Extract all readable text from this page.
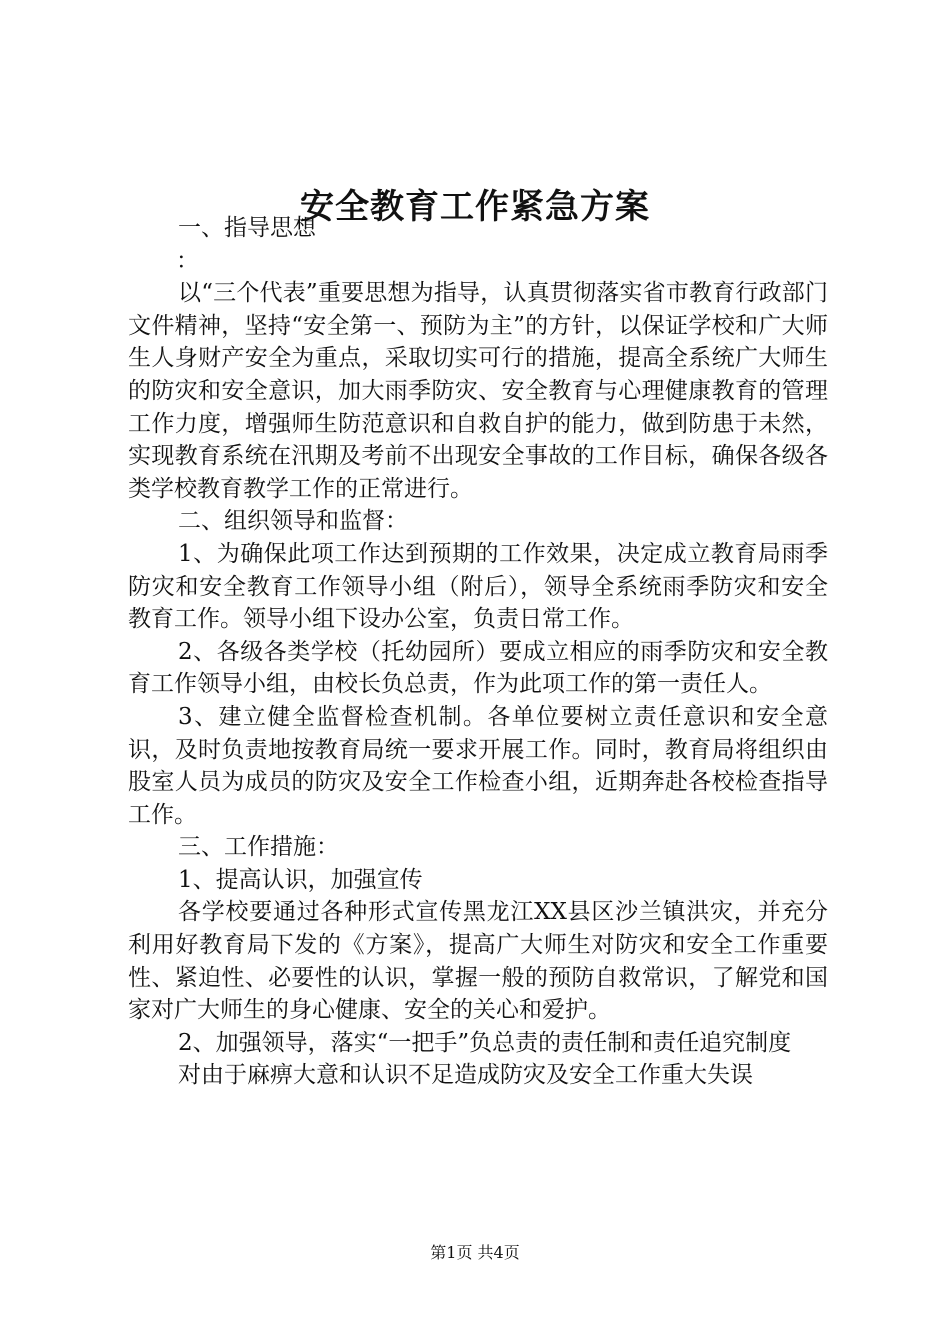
安全教育工作紧急方案

一、指导思想

：

以“三个代表”重要思想为指导，认真贯彻落实省市教育行政部门文件精神，坚持“安全第一、预防为主”的方针，以保证学校和广大师生人身财产安全为重点，采取切实可行的措施，提高全系统广大师生的防灾和安全意识，加大雨季防灾、安全教育与心理健康教育的管理工作力度，增强师生防范意识和自救自护的能力，做到防患于未然，实现教育系统在汛期及考前不出现安全事故的工作目标，确保各级各类学校教育教学工作的正常进行。

二、组织领导和监督：

1、为确保此项工作达到预期的工作效果，决定成立教育局雨季防灾和安全教育工作领导小组（附后），领导全系统雨季防灾和安全教育工作。领导小组下设办公室，负责日常工作。

2、各级各类学校（托幼园所）要成立相应的雨季防灾和安全教育工作领导小组，由校长负总责，作为此项工作的第一责任人。

3、建立健全监督检查机制。各单位要树立责任意识和安全意识，及时负责地按教育局统一要求开展工作。同时，教育局将组织由股室人员为成员的防灾及安全工作检查小组，近期奔赴各校检查指导工作。

三、工作措施：

1、提高认识，加强宣传

各学校要通过各种形式宣传黑龙江XX县区沙兰镇洪灾，并充分利用好教育局下发的《方案》，提高广大师生对防灾和安全工作重要性、紧迫性、必要性的认识，掌握一般的预防自救常识，了解党和国家对广大师生的身心健康、安全的关心和爱护。

2、加强领导，落实“一把手”负总责的责任制和责任追究制度

对由于麻痹大意和认识不足造成防灾及安全工作重大失误

第1页 共4页
